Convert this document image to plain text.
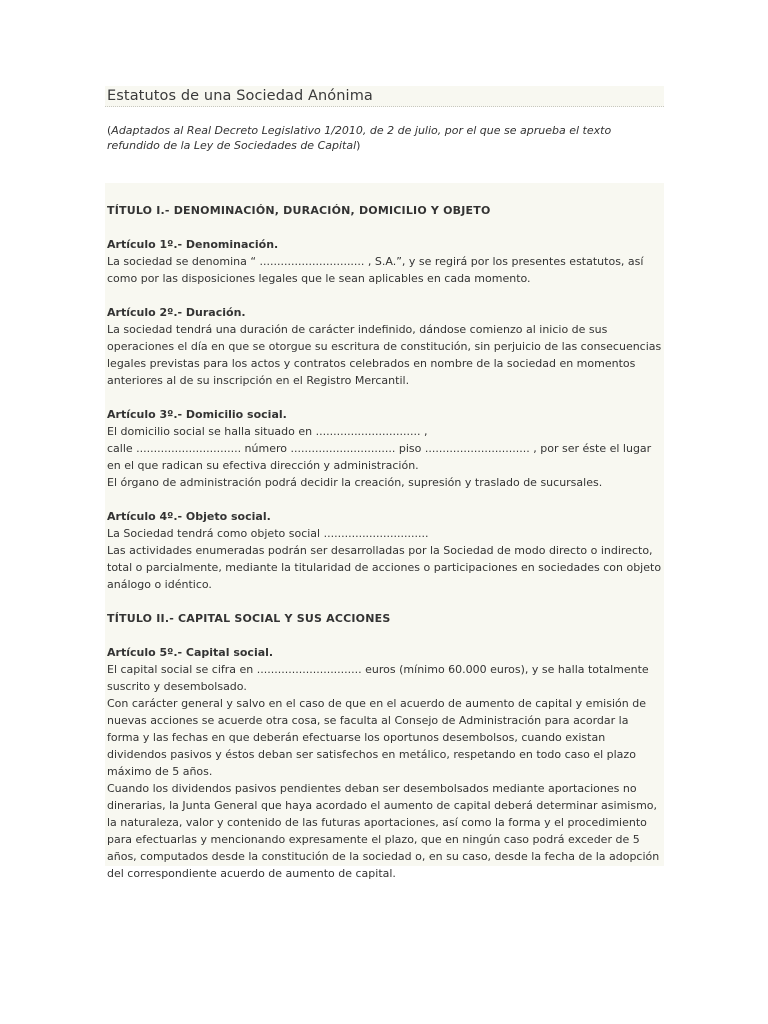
Estatutos de una Sociedad Anónima

(Adaptados al Real Decreto Legislativo 1/2010, de 2 de julio, por el que se aprueba el texto refundido de la Ley de Sociedades de Capital)

TÍTULO I.- DENOMINACIÓN, DURACIÓN, DOMICILIO Y OBJETO

Artículo 1º.- Denominación.

La sociedad se denomina “ .............................. , S.A.”, y se regirá por los presentes estatutos, así como por las disposiciones legales que le sean aplicables en cada momento.

Artículo 2º.- Duración.

La sociedad tendrá una duración de carácter indefinido, dándose comienzo al inicio de sus operaciones el día en que se otorgue su escritura de constitución, sin perjuicio de las consecuencias legales previstas para los actos y contratos celebrados en nombre de la sociedad en momentos anteriores al de su inscripción en el Registro Mercantil.

Artículo 3º.- Domicilio social.

El domicilio social se halla situado en .............................. ,

calle .............................. número .............................. piso .............................. , por ser éste el lugar en el que radican su efectiva dirección y administración.

El órgano de administración podrá decidir la creación, supresión y traslado de sucursales.

Artículo 4º.- Objeto social.

La Sociedad tendrá como objeto social ..............................

Las actividades enumeradas podrán ser desarrolladas por la Sociedad de modo directo o indirecto, total o parcialmente, mediante la titularidad de acciones o participaciones en sociedades con objeto análogo o idéntico.

TÍTULO II.- CAPITAL SOCIAL Y SUS ACCIONES

Artículo 5º.- Capital social.

El capital social se cifra en .............................. euros (mínimo 60.000 euros), y se halla totalmente suscrito y desembolsado.

Con carácter general y salvo en el caso de que en el acuerdo de aumento de capital y emisión de nuevas acciones se acuerde otra cosa, se faculta al Consejo de Administración para acordar la forma y las fechas en que deberán efectuarse los oportunos desembolsos, cuando existan dividendos pasivos y éstos deban ser satisfechos en metálico, respetando en todo caso el plazo máximo de 5 años.

Cuando los dividendos pasivos pendientes deban ser desembolsados mediante aportaciones no dinerarias, la Junta General que haya acordado el aumento de capital deberá determinar asimismo, la naturaleza, valor y contenido de las futuras aportaciones, así como la forma y el procedimiento para efectuarlas y mencionando expresamente el plazo, que en ningún caso podrá exceder de 5 años, computados desde la constitución de la sociedad o, en su caso, desde la fecha de la adopción del correspondiente acuerdo de aumento de capital.
